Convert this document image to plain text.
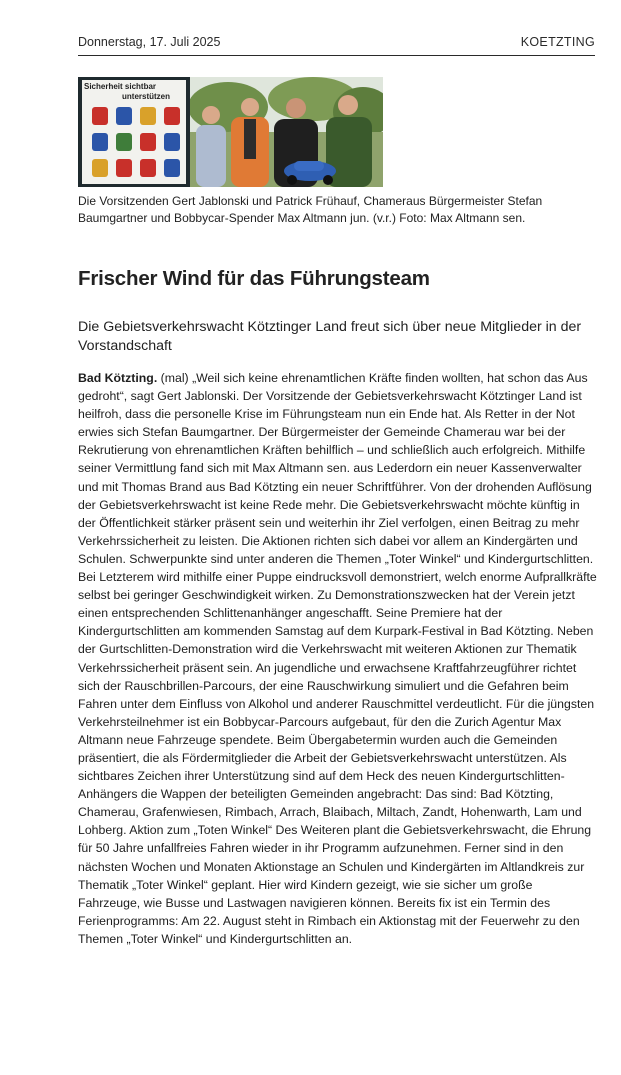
Donnerstag, 17. Juli 2025	KOETZTING
Sicherheit sichtbar
unterstützen
Die Vorsitzenden Gert Jablonski und Patrick Frühauf, Chameraus Bürgermeister Stefan Baumgartner und Bobbycar-Spender Max Altmann jun. (v.r.) Foto: Max Altmann sen.
Frischer Wind für das Führungsteam
Die Gebietsverkehrswacht Kötztinger Land freut sich über neue Mitglieder in der Vorstandschaft
Bad Kötzting. (mal) „Weil sich keine ehrenamtlichen Kräfte finden wollten, hat schon das Aus gedroht“, sagt Gert Jablonski. Der Vorsitzende der Gebietsverkehrswacht Kötztinger Land ist heilfroh, dass die personelle Krise im Führungsteam nun ein Ende hat. Als Retter in der Not erwies sich Stefan Baumgartner. Der Bürgermeister der Gemeinde Chamerau war bei der Rekrutierung von ehrenamtlichen Kräften behilflich – und schließlich auch erfolgreich. Mithilfe seiner Vermittlung fand sich mit Max Altmann sen. aus Lederdorn ein neuer Kassenverwalter und mit Thomas Brand aus Bad Kötzting ein neuer Schriftführer. Von der drohenden Auflösung der Gebietsverkehrswacht ist keine Rede mehr. Die Gebietsverkehrswacht möchte künftig in der Öffentlichkeit stärker präsent sein und weiterhin ihr Ziel verfolgen, einen Beitrag zu mehr Verkehrssicherheit zu leisten. Die Aktionen richten sich dabei vor allem an Kindergärten und Schulen. Schwerpunkte sind unter anderen die Themen „Toter Winkel“ und Kindergurtschlitten. Bei Letzterem wird mithilfe einer Puppe eindrucksvoll demonstriert, welch enorme Aufprallkräfte selbst bei geringer Geschwindigkeit wirken. Zu Demonstrationszwecken hat der Verein jetzt einen entsprechenden Schlittenanhänger angeschafft. Seine Premiere hat der Kindergurtschlitten am kommenden Samstag auf dem Kurpark-Festival in Bad Kötzting. Neben der Gurtschlitten-Demonstration wird die Verkehrswacht mit weiteren Aktionen zur Thematik Verkehrssicherheit präsent sein. An jugendliche und erwachsene Kraftfahrzeugführer richtet sich der Rauschbrillen-Parcours, der eine Rauschwirkung simuliert und die Gefahren beim Fahren unter dem Einfluss von Alkohol und anderer Rauschmittel verdeutlicht. Für die jüngsten Verkehrsteilnehmer ist ein Bobbycar-Parcours aufgebaut, für den die Zurich Agentur Max Altmann neue Fahrzeuge spendete. Beim Übergabetermin wurden auch die Gemeinden präsentiert, die als Fördermitglieder die Arbeit der Gebietsverkehrswacht unterstützen. Als sichtbares Zeichen ihrer Unterstützung sind auf dem Heck des neuen Kindergurtschlitten-Anhängers die Wappen der beteiligten Gemeinden angebracht: Das sind: Bad Kötzting, Chamerau, Grafenwiesen, Rimbach, Arrach, Blaibach, Miltach, Zandt, Hohenwarth, Lam und Lohberg. Aktion zum „Toten Winkel“ Des Weiteren plant die Gebietsverkehrswacht, die Ehrung für 50 Jahre unfallfreies Fahren wieder in ihr Programm aufzunehmen. Ferner sind in den nächsten Wochen und Monaten Aktionstage an Schulen und Kindergärten im Altlandkreis zur Thematik „Toter Winkel“ geplant. Hier wird Kindern gezeigt, wie sie sicher um große Fahrzeuge, wie Busse und Lastwagen navigieren können. Bereits fix ist ein Termin des Ferienprogramms: Am 22. August steht in Rimbach ein Aktionstag mit der Feuerwehr zu den Themen „Toter Winkel“ und Kindergurtschlitten an.
